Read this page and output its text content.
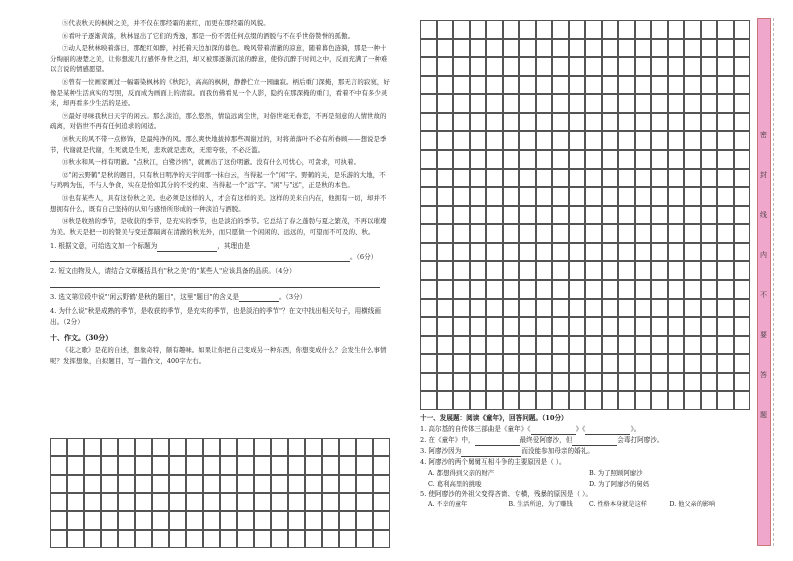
⑤代表秋天的枫树之美，并不仅在那经霜的素红，而更在那经霜的风貌。
⑥看叶子逐渐黄落，秋林显出了它们的秀逸，那是一份不需任何点缀的洒脱与不在乎世俗赞誉的孤傲。
⑦动人是秋林映着落日，那酡红如醉，衬托着天边加深的暮色。晚风带着清澈的凉意，随着暮色涟漪，那是一种十分绚丽的凄楚之美，让你想流几行感怀身世之泪，却又被那逐渐沉浓的醉意，使你沉醉于时间之中，反而充满了一种难以言说的情感愿望。
⑧曾有一位画家画过一幅霜染枫林的《秋陀》，高高的枫树，静静伫立一园幽寂。柄后重门深掩，那无言的寂寞，好像是某种生活真实的写照，反而成为画面上的清寂。而我仿佛看见一个人影，隐约在那深掩的重门，看着不中有多少灵来，却再看多少生活的足迹。
⑨最好寻味我秋日天宇的闲云。那么淡泊，那么悠然，情谊远离尘世，对俗世毫无眷恋，不再是刻意的人情世故的疏离，对俗世不再有任何追求的闲适。
⑩秋天的风不带一点修饰，是最纯净的风。那么爽快地拔掉那些凋谢过的，对将萧落叶不必有所眷顾——想说是季节，代谢就是代谢，生死就是生死，悲欢就是悲欢，无需夸张，不必泛滥。
⑪秋水和风一样有明澈。"点秋江，白鹭沙鸥"，就画出了这份明澈。没有什么可忧心，可贪求，可执着。
⑫"闲云野鹤"是秋的题目，只有秋日明净的天宇间那一抹白云，当得起一个"闲"字。野鹤的关，是乐游的大地，不与鸡鸭为伍，不与人争食，实在是恰如其分的不受约束、当得起一个"远"字。"闲"与"远"，正是秋的本色。
⑬也有某些人，具有这份秋之美。也必须是这样的人，才会有这样的美。这样的美来自内在，他拥有一切，却并不想拥有什么，既有自己坚持的认知与感悟所形成的一种淡泊与洒脱。
⑭秋是收熟的季节，是收获的季节，是充实的季节，也是淡泊的季节。它总结了春之蓬勃与夏之繁茂，不再以璀璨为美。秋天是把一切的赞美与变迁都隔离在清澈的秋光外，而只愿做一个闲闲的、远远的，可望而不可及的、秋。
1. 根据文意，可给选文加一个标题为	，其理由是
。（6分）
2. 短文由物及人，请结合文章概括具有"秋之美"的"某些人"应该具备的品质。（4分）

3. 选文第⑫段中说"'闲云野鹤'是秋的题目"，这里"题目"的含义是	。（3分）
4. 为什么说"秋是成熟的季节，是收获的季节，是充实的季节，也是淡泊的季节"？在文中找出相关句子，用横线画出。（2分）
十、作文。（30分）
《花之歌》是花的自述，想象奇特，颇有趣味。如果让你把自己变成另一种东西，你想变成什么？会发生什么事情呢？发挥想象，自拟题目，写一篇作文，400字左右。
十一、发展题：阅读《童年》，回答问题。（10分）
1. 高尔基的自传体三部曲是《童年》《	》《	》。
2. 在《童年》中，	最终爱阿廖沙，但	会毒打阿廖沙。
3. 阿廖沙因为	而没能参加母亲的婚礼。
4. 阿廖沙的两个舅舅互相斗争的主要原因是（ ）。
A. 都想得到父亲的财产	B. 为了照顾阿廖沙
C. 葛利高里的挑唆	D. 为了阿廖沙的舅妈
5. 使阿廖沙的外祖父变得吝啬、专横，残暴的原因是（ ）。
A. 不幸的童年	B. 生活所迫，为了赚钱	C. 性格本身就是这样	D. 他父亲的影响
密
封
线
内
不
要
答
题
